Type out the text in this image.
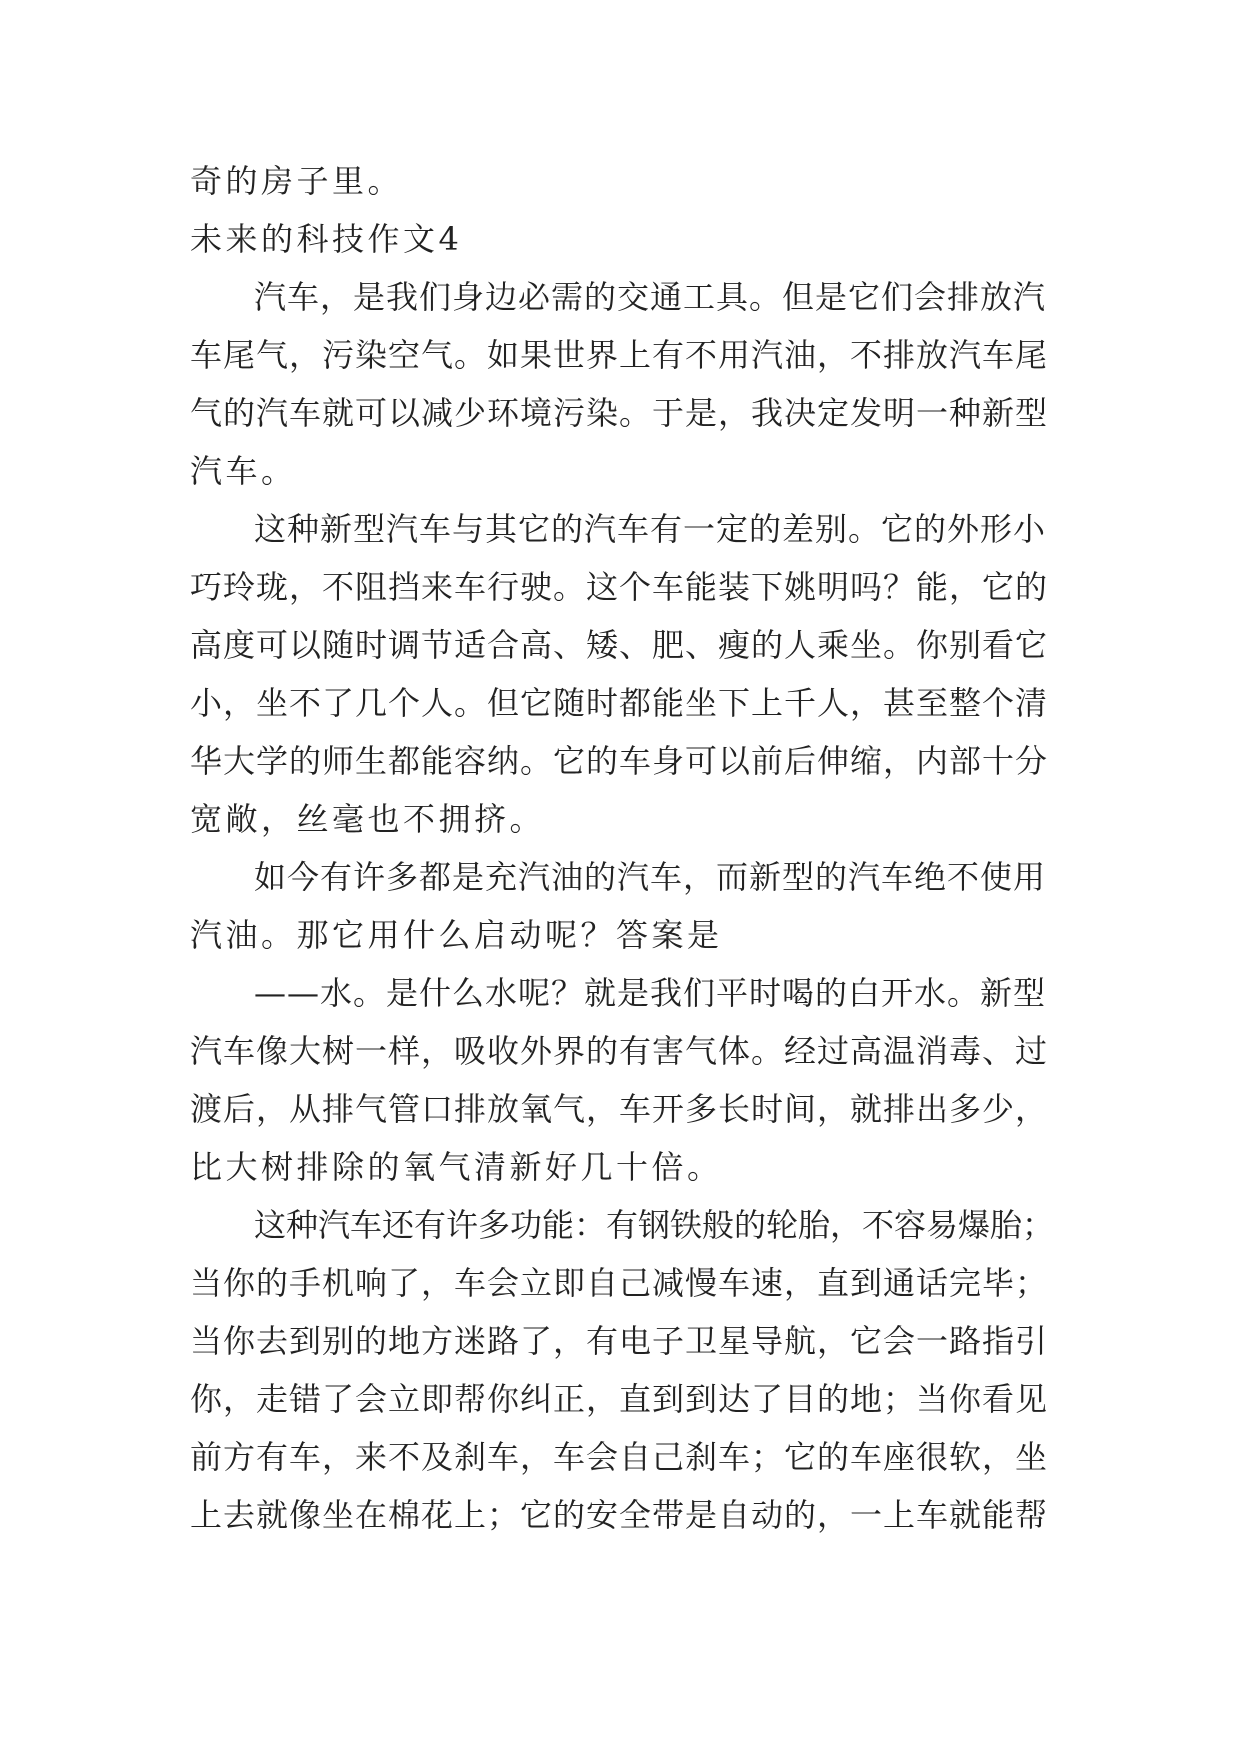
奇的房子里。
未来的科技作文4
汽车，是我们身边必需的交通工具。但是它们会排放汽
车尾气，污染空气。如果世界上有不用汽油，不排放汽车尾
气的汽车就可以减少环境污染。于是，我决定发明一种新型
汽车。
这种新型汽车与其它的汽车有一定的差别。它的外形小
巧玲珑，不阻挡来车行驶。这个车能装下姚明吗？能，它的
高度可以随时调节适合高、矮、肥、瘦的人乘坐。你别看它
小，坐不了几个人。但它随时都能坐下上千人，甚至整个清
华大学的师生都能容纳。它的车身可以前后伸缩，内部十分
宽敞，丝毫也不拥挤。
如今有许多都是充汽油的汽车，而新型的汽车绝不使用
汽油。那它用什么启动呢？答案是
——水。是什么水呢？就是我们平时喝的白开水。新型
汽车像大树一样，吸收外界的有害气体。经过高温消毒、过
渡后，从排气管口排放氧气，车开多长时间，就排出多少，
比大树排除的氧气清新好几十倍。
这种汽车还有许多功能：有钢铁般的轮胎，不容易爆胎；
当你的手机响了，车会立即自己减慢车速，直到通话完毕；
当你去到别的地方迷路了，有电子卫星导航，它会一路指引
你，走错了会立即帮你纠正，直到到达了目的地；当你看见
前方有车，来不及刹车，车会自己刹车；它的车座很软，坐
上去就像坐在棉花上；它的安全带是自动的，一上车就能帮
